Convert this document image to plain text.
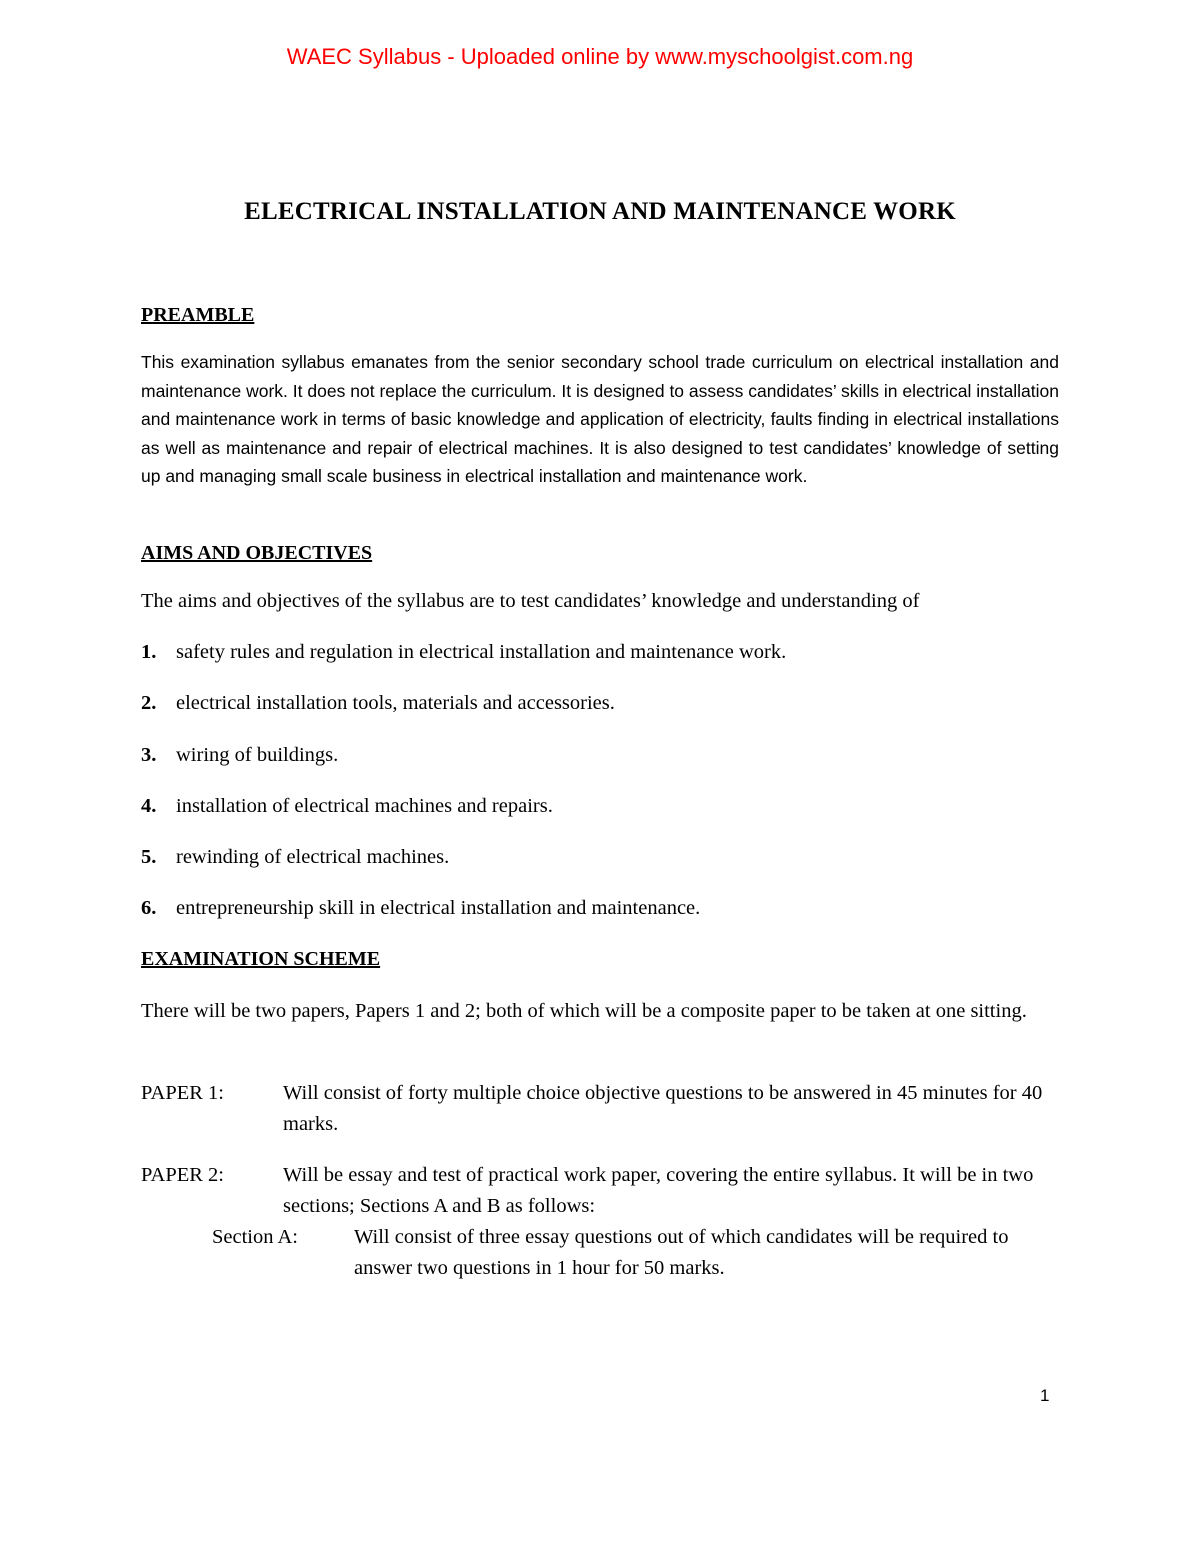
WAEC Syllabus - Uploaded online by www.myschoolgist.com.ng
ELECTRICAL INSTALLATION AND MAINTENANCE WORK
PREAMBLE
This examination syllabus emanates from the senior secondary school trade curriculum on electrical installation and maintenance work. It does not replace the curriculum. It is designed to assess candidates’ skills in electrical installation and maintenance work in terms of basic knowledge and application of electricity, faults finding in electrical installations as well as maintenance and repair of electrical machines. It is also designed to test candidates’ knowledge of setting up and managing small scale business in electrical installation and maintenance work.
AIMS AND OBJECTIVES
The aims and objectives of the syllabus are to test candidates’ knowledge and understanding of
1. safety rules and regulation in electrical installation and maintenance work.
2. electrical installation tools, materials and accessories.
3. wiring of buildings.
4. installation of electrical machines and repairs.
5. rewinding of electrical machines.
6. entrepreneurship skill in electrical installation and maintenance.
EXAMINATION SCHEME
There will be two papers, Papers 1 and 2; both of which will be a composite paper to be taken at one sitting.
PAPER 1:	Will consist of forty multiple choice objective questions to be answered in 45 minutes for 40 marks.
PAPER 2:	Will be essay and test of practical work paper, covering the entire syllabus. It will be in two sections; Sections A and B as follows:
Section A:	Will consist of three essay questions out of which candidates will be required to answer two questions in 1 hour for 50 marks.
1
